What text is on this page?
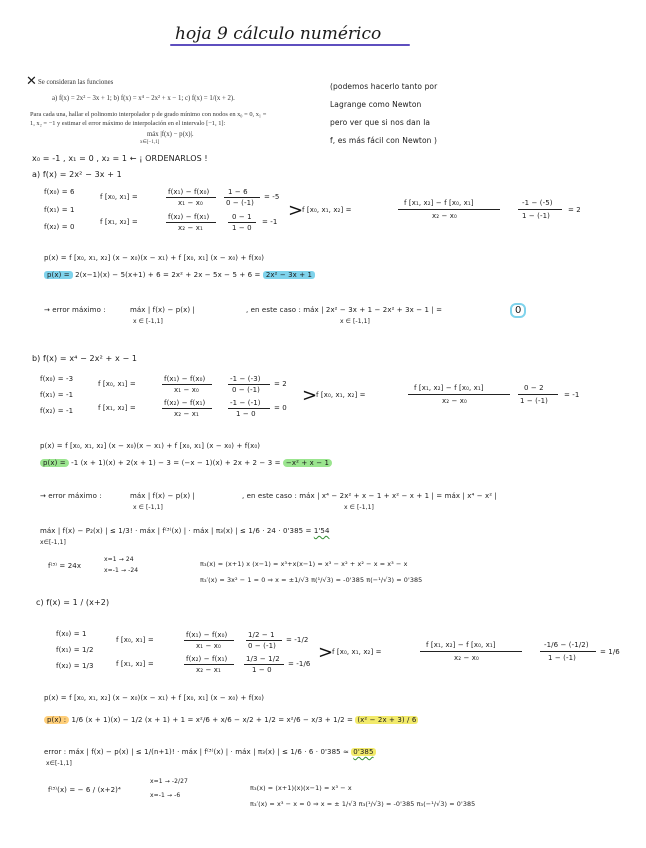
hoja 9 cálculo numérico
✕ Se consideran las funciones
a) f(x) = 2x² − 3x + 1; b) f(x) = x⁴ − 2x² + x − 1; c) f(x) = 1/(x + 2).
Para cada una, hallar el polinomio interpolador p de grado mínimo con nodos en x₀ = 0, x₁ =
1, x₂ = −1 y estimar el error máximo de interpolación en el intervalo [−1, 1]:
máx |f(x) − p(x)|.
x∈[−1,1]
(podemos hacerlo tanto por
Lagrange como Newton
pero ver que si nos dan la
f, es más fácil con Newton )
x₀ = -1 , x₁ = 0 , x₂ = 1 ← ¡ ORDENARLOS !
a) f(x) = 2x² − 3x + 1
f(x₀) = 6
f(x₁) = 1
f(x₂) = 0
f [x₀, x₁] =
f(x₁) − f(x₀)
x₁ − x₀
1 − 6
0 − (-1)
= -5
f [x₁, x₂] =
f(x₂) − f(x₁)
x₂ − x₁
0 − 1
1 − 0
= -1
>
f [x₀, x₁, x₂] =
f [x₁, x₂] − f [x₀, x₁]
x₂ − x₀
-1 − (-5)
1 − (-1)
= 2
p(x) = f [x₀, x₁, x₂] (x − x₀)(x − x₁) + f [x₀, x₁] (x − x₀) + f(x₀)
p(x) = 2(x−1)(x) − 5(x+1) + 6 = 2x² + 2x − 5x − 5 + 6 = 2x² − 3x + 1
→ error máximo :	máx | f(x) − p(x) |
x ∈ [-1,1]
, en este caso : máx | 2x² − 3x + 1 − 2x² + 3x − 1 | =
x ∈ [-1,1]
0
b) f(x) = x⁴ − 2x² + x − 1
f(x₀) = -3
f(x₁) = -1
f(x₂) = -1
f [x₀, x₁] =
f(x₁) − f(x₀)
x₁ − x₀
-1 − (-3)
0 − (-1)
= 2
f [x₁, x₂] =
f(x₂) − f(x₁)
x₂ − x₁
-1 − (-1)
1 − 0
= 0
>
f [x₀, x₁, x₂] =
f [x₁, x₂] − f [x₀, x₁]
x₂ − x₀
0 − 2
1 − (-1)
= -1
p(x) = f [x₀, x₁, x₂] (x − x₀)(x − x₁) + f [x₀, x₁] (x − x₀) + f(x₀)
p(x) = -1 (x + 1)(x) + 2(x + 1) − 3 = (−x − 1)(x) + 2x + 2 − 3 = −x² + x − 1
→ error máximo :	máx | f(x) − p(x) |
x ∈ [-1,1]
, en este caso : máx | x⁴ − 2x² + x − 1 + x² − x + 1 | = máx | x⁴ − x² |
x ∈ [-1,1]
máx | f(x) − P₂(x) | ≤ 1/3! · máx | f⁽³⁾(x) | · máx | π₃(x) | ≤ 1/6 · 24 · 0'385 = 1'54
x∈[-1,1]
f⁽³⁾ = 24x
x=1 → 24
x=-1 → -24
π₃(x) = (x+1) x (x−1) = x³+x(x−1) = x³ − x² + x² − x = x³ − x
π₃′(x) = 3x² − 1 = 0 ⇒ x = ±1/√3 π(¹/√3) = -0'385 π(−¹/√3) = 0'385
c) f(x) = 1 / (x+2)
f(x₀) = 1
f(x₁) = 1/2
f(x₂) = 1/3
f [x₀, x₁] =
f(x₁) − f(x₀)
x₁ − x₀
1/2 − 1
0 − (-1)
= -1/2
f [x₁, x₂] =
f(x₂) − f(x₁)
x₂ − x₁
1/3 − 1/2
1 − 0
= -1/6
>
f [x₀, x₁, x₂] =
f [x₁, x₂] − f [x₀, x₁]
x₂ − x₀
-1/6 − (-1/2)
1 − (-1)
= 1/6
p(x) = f [x₀, x₁, x₂] (x − x₀)(x − x₁) + f [x₀, x₁] (x − x₀) + f(x₀)
p(x) : 1/6 (x + 1)(x) − 1/2 (x + 1) + 1 = x²/6 + x/6 − x/2 + 1/2 = x²/6 − x/3 + 1/2 = (x² − 2x + 3) / 6
error : máx | f(x) − p(x) | ≤ 1/(n+1)! · máx | f⁽³⁾(x) | · máx | π₃(x) | ≤ 1/6 · 6 · 0'385 ≈ 0'385
x∈[-1,1]
f⁽³⁾(x) = − 6 / (x+2)⁴
x=1 → -2/27
x=-1 → -6
π₃(x) = (x+1)(x)(x−1) = x³ − x
π₃′(x) = x³ − x = 0 ⇒ x = ± 1/√3 π₃(¹/√3) = -0'385 π₃(−¹/√3) = 0'385
